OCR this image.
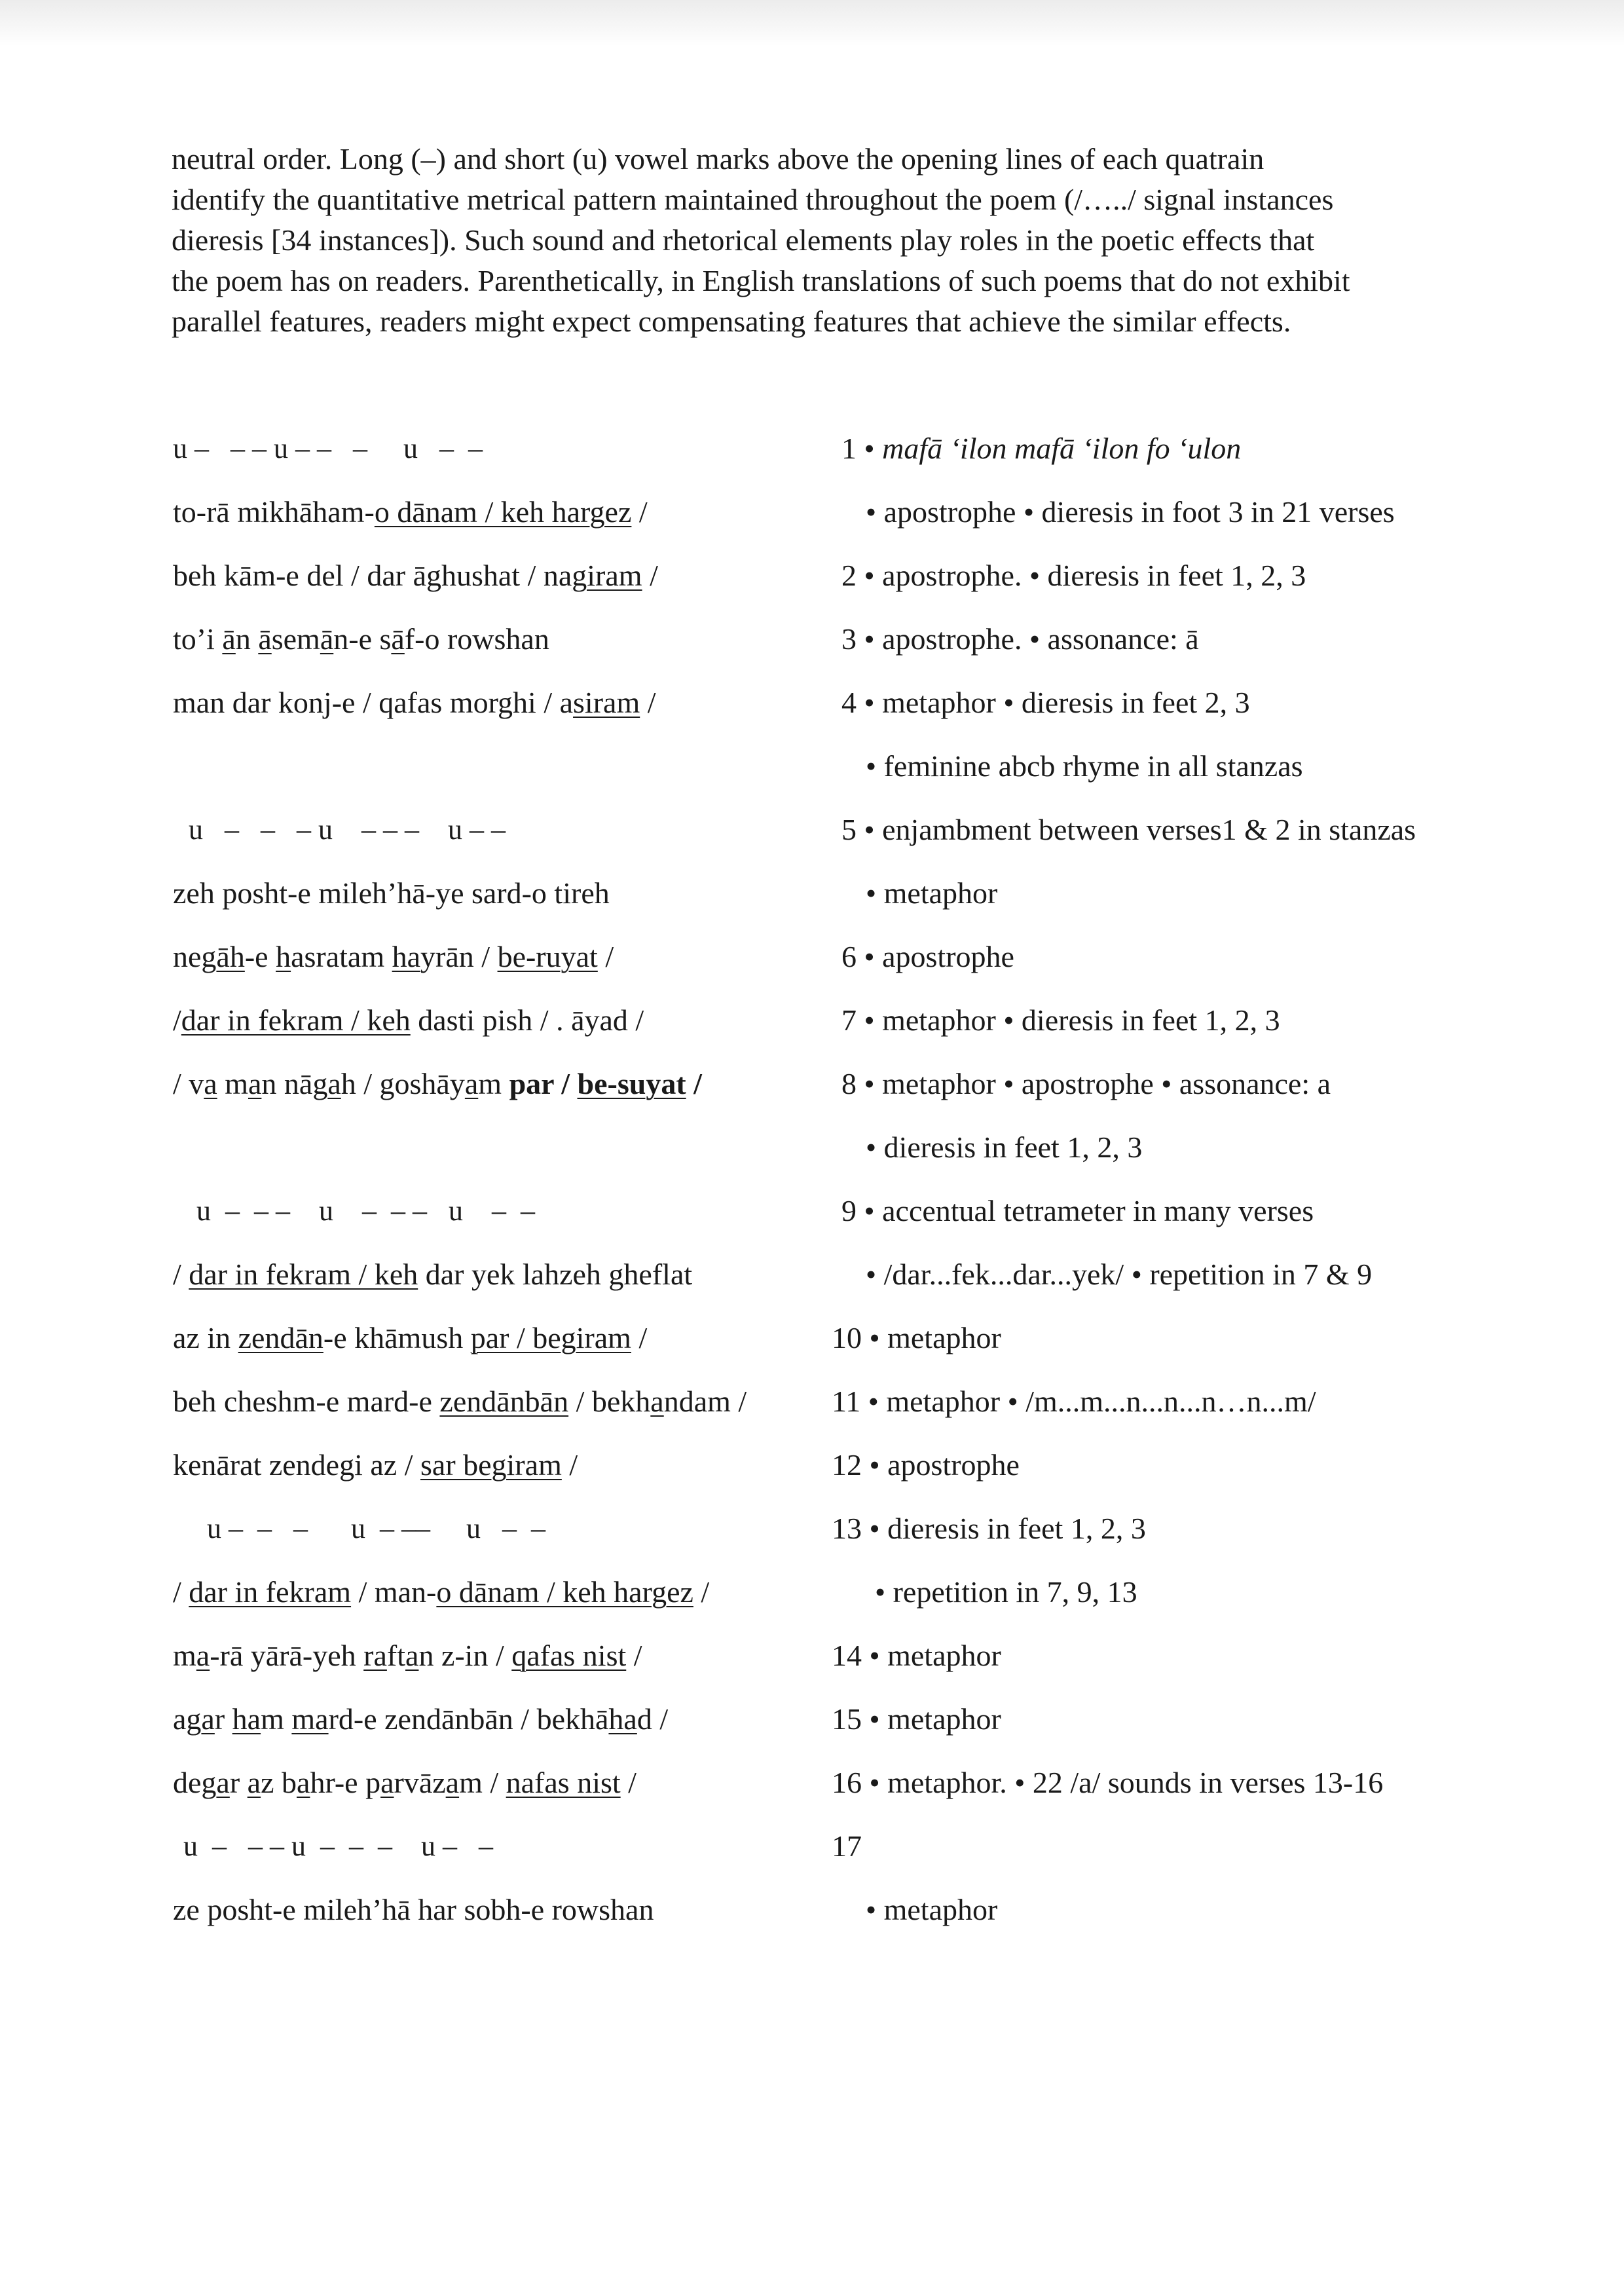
neutral order. Long (–) and short (u) vowel marks above the opening lines of each quatrain

identify the quantitative metrical pattern maintained throughout the poem (/…../ signal instances

dieresis [34 instances]). Such sound and rhetorical elements play roles in the poetic effects that

the poem has on readers. Parenthetically, in English translations of such poems that do not exhibit

parallel features, readers might expect compensating features that achieve the similar effects.

u –   – – u – –   –     u   –  –	1 • mafā ‘ilon mafā ‘ilon fo ‘ulon
to-rā mikhāham-o dānam / keh hargez /	• apostrophe • dieresis in foot 3 in 21 verses
beh kām-e del / dar āghushat / nagiram /	2 • apostrophe. • dieresis in feet 1, 2, 3
to’i ān āsemān-e sāf-o rowshan	3 • apostrophe. • assonance: ā
man dar konj-e / qafas morghi / asiram /	4 • metaphor • dieresis in feet 2, 3
• feminine abcb rhyme in all stanzas
u   –   –   – u    – – –    u – –	5 • enjambment between verses1 & 2 in stanzas
zeh posht-e mileh’hā-ye sard-o tireh	• metaphor
negāh-e hasratam hayrān / be-ruyat /	6 • apostrophe
/dar in fekram / keh dasti pish / . āyad /	7 • metaphor • dieresis in feet 1, 2, 3
/ va man nāgah / goshāyam par / be-suyat /	8 • metaphor • apostrophe • assonance: a
• dieresis in feet 1, 2, 3
u  –  – –    u    –  – –   u    –  –	9 • accentual tetrameter in many verses
/ dar in fekram / keh dar yek lahzeh gheflat	• /dar...fek...dar...yek/ • repetition in 7 & 9
az in zendān-e khāmush par / begiram /	10 • metaphor
beh cheshm-e mard-e zendānbān / bekhandam /	11 • metaphor • /m...m...n...n...n…n...m/
kenārat zendegi az / sar begiram /	12 • apostrophe
u –  –   –      u  – ––     u   –  –	13 • dieresis in feet 1, 2, 3
/ dar in fekram / man-o dānam / keh hargez /	• repetition in 7, 9, 13
ma-rā yārā-yeh raftan z-in / qafas nist /	14 • metaphor
agar ham mard-e zendānbān / bekhāhad /	15 • metaphor
degar az bahr-e parvāzam / nafas nist /	16 • metaphor. • 22 /a/ sounds in verses 13-16
u  –   – – u  –  –  –    u –   –	17
ze posht-e mileh’hā har sobh-e rowshan	• metaphor
